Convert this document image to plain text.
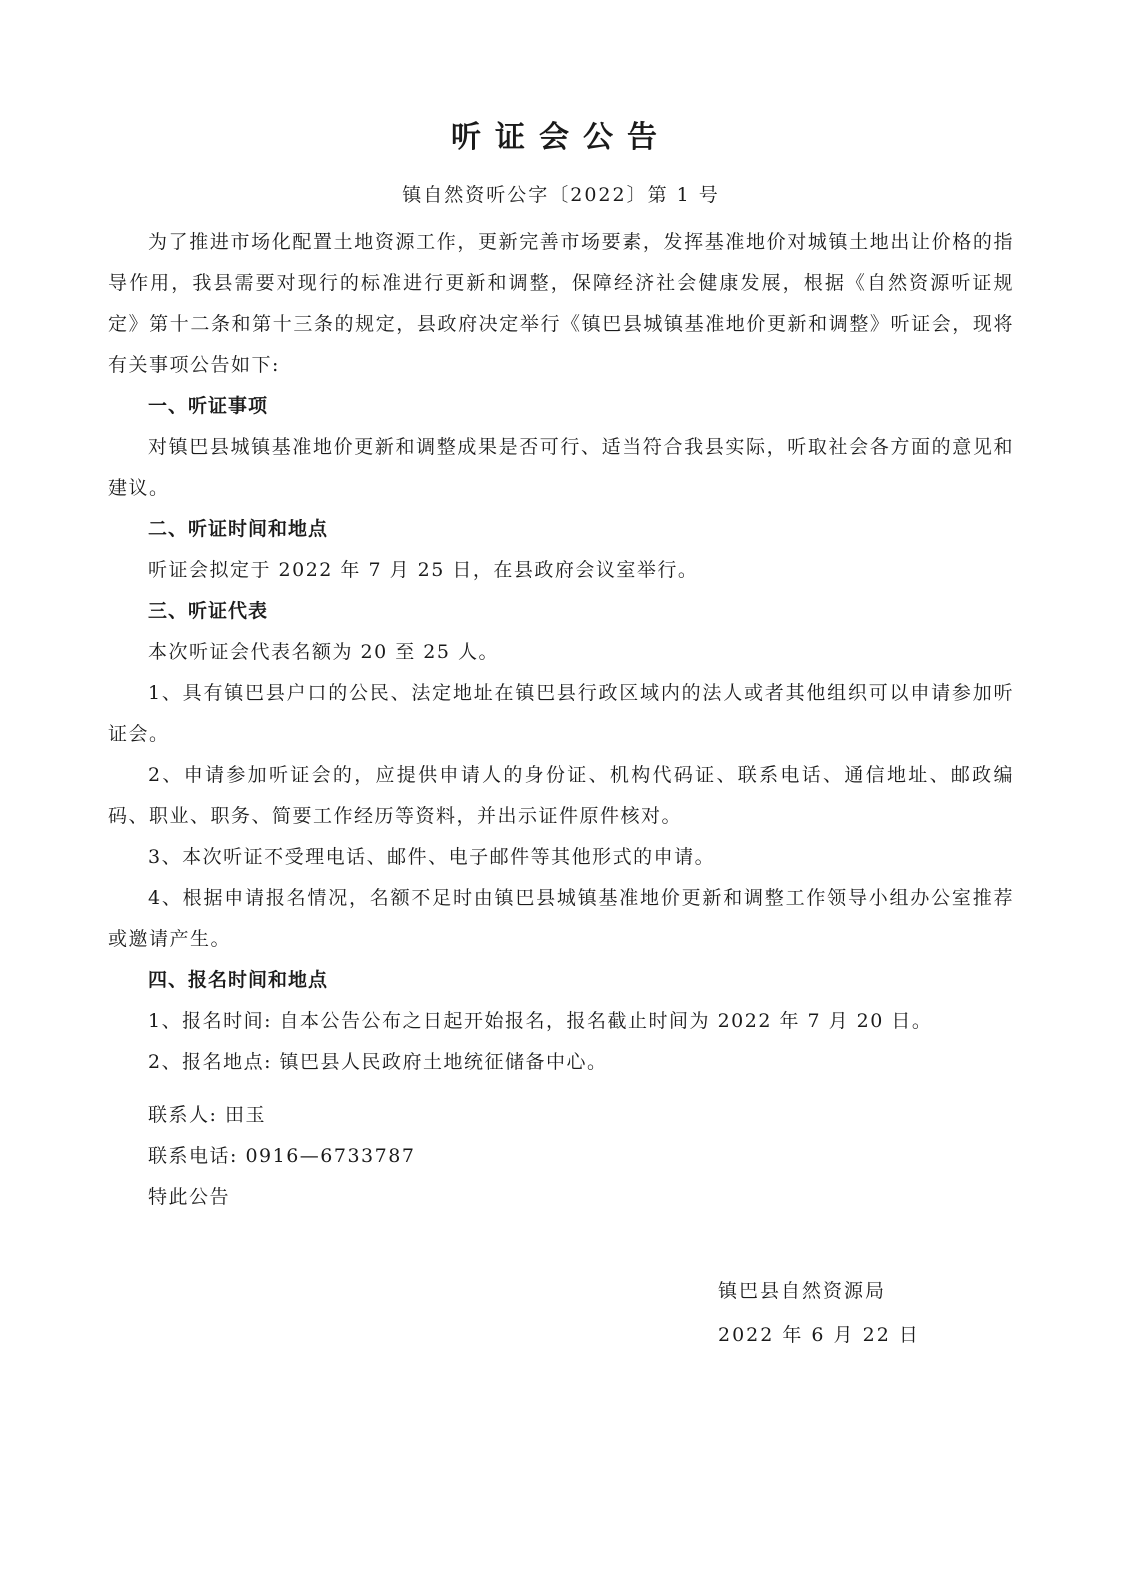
听证会公告
镇自然资听公字〔2022〕第 1 号

为了推进市场化配置土地资源工作，更新完善市场要素，发挥基准地价对城镇土地出让价格的指导作用，我县需要对现行的标准进行更新和调整，保障经济社会健康发展，根据《自然资源听证规定》第十二条和第十三条的规定，县政府决定举行《镇巴县城镇基准地价更新和调整》听证会，现将有关事项公告如下:

一、听证事项

对镇巴县城镇基准地价更新和调整成果是否可行、适当符合我县实际，听取社会各方面的意见和建议。

二、听证时间和地点

听证会拟定于 2022 年 7 月 25 日，在县政府会议室举行。

三、听证代表

本次听证会代表名额为 20 至 25 人。

1、具有镇巴县户口的公民、法定地址在镇巴县行政区域内的法人或者其他组织可以申请参加听证会。

2、申请参加听证会的，应提供申请人的身份证、机构代码证、联系电话、通信地址、邮政编码、职业、职务、简要工作经历等资料，并出示证件原件核对。

3、本次听证不受理电话、邮件、电子邮件等其他形式的申请。

4、根据申请报名情况，名额不足时由镇巴县城镇基准地价更新和调整工作领导小组办公室推荐或邀请产生。

四、报名时间和地点

1、报名时间: 自本公告公布之日起开始报名，报名截止时间为 2022 年 7 月 20 日。

2、报名地点: 镇巴县人民政府土地统征储备中心。

联系人: 田玉

联系电话: 0916—6733787

特此公告

镇巴县自然资源局
2022 年 6 月 22 日
